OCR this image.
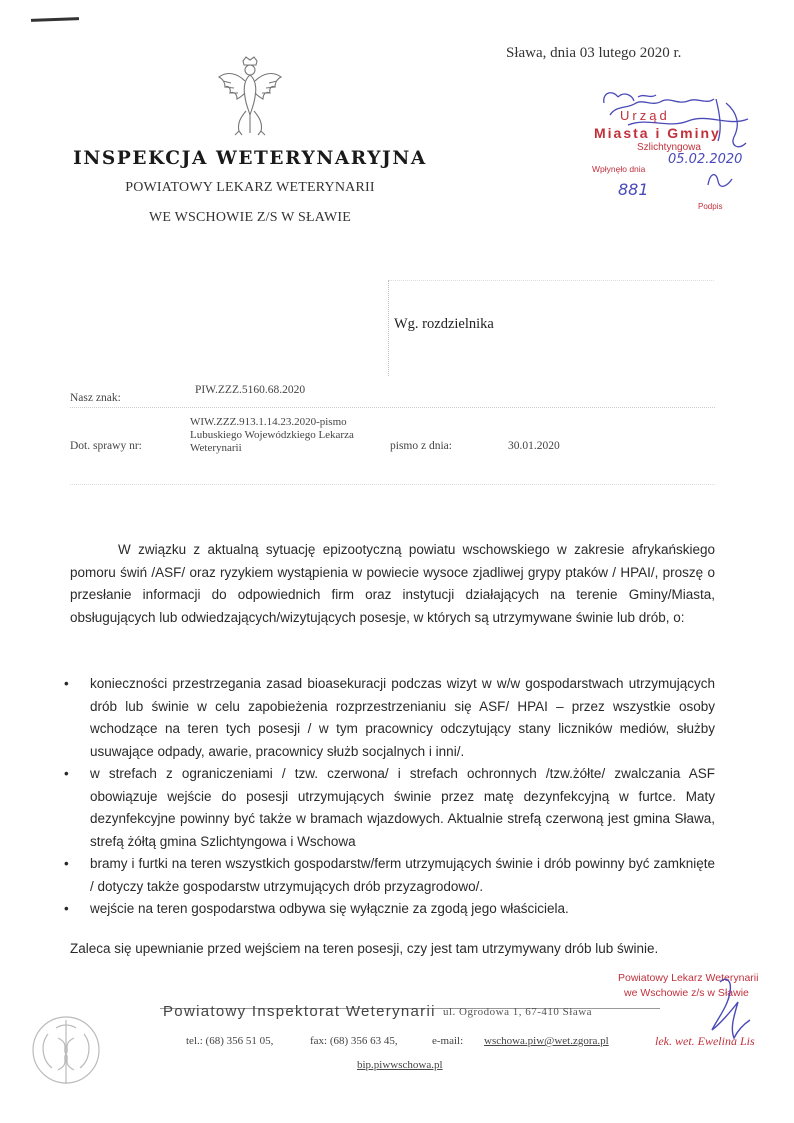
INSPEKCJA WETERYNARYJNA
POWIATOWY LEKARZ WETERYNARII
WE WSCHOWIE Z/S W SŁAWIE
Sława, dnia 03 lutego 2020 r.
Urząd
Miasta i Gminy
Szlichtyngowa
Wpłynęło dnia
Podpis
05.02.2020
881
Wg. rozdzielnika
Nasz znak:
PIW.ZZZ.5160.68.2020
Dot. sprawy nr:
WIW.ZZZ.913.1.14.23.2020-pismo Lubuskiego Wojewódzkiego Lekarza Weterynarii	pismo z dnia:	30.01.2020
W związku z aktualną sytuację epizootyczną powiatu wschowskiego w zakresie afrykańskiego pomoru świń /ASF/ oraz ryzykiem wystąpienia w powiecie wysoce zjadliwej grypy ptaków / HPAI/, proszę o przesłanie informacji do odpowiednich firm oraz instytucji działających na terenie Gminy/Miasta, obsługujących lub odwiedzających/wizytujących posesje, w których są utrzymywane świnie lub drób, o:
• konieczności przestrzegania zasad bioasekuracji podczas wizyt w w/w gospodarstwach utrzymujących drób lub świnie w celu zapobieżenia rozprzestrzenianiu się ASF/ HPAI – przez wszystkie osoby wchodzące na teren tych posesji / w tym pracownicy odczytujący stany liczników mediów, służby usuwające odpady, awarie, pracownicy służb socjalnych i inni/.
• w strefach z ograniczeniami / tzw. czerwona/ i strefach ochronnych /tzw.żółte/ zwalczania ASF obowiązuje wejście do posesji utrzymujących świnie przez matę dezynfekcyjną w furtce. Maty dezynfekcyjne powinny być także w bramach wjazdowych. Aktualnie strefą czerwoną jest gmina Sława, strefą żółtą gmina Szlichtyngowa i Wschowa
• bramy i furtki na teren wszystkich gospodarstw/ferm utrzymujących świnie i drób powinny być zamknięte / dotyczy także gospodarstw utrzymujących drób przyzagrodowo/.
• wejście na teren gospodarstwa odbywa się wyłącznie za zgodą jego właściciela.
Zaleca się upewnianie przed wejściem na teren posesji, czy jest tam utrzymywany drób lub świnie.
Powiatowy Lekarz Weterynarii
we Wschowie z/s w Sławie
lek. wet. Ewelina Lis
Powiatowy Inspektorat Weterynarii ul. Ogrodowa 1, 67-410 Sława
tel.: (68) 356 51 05,	fax: (68) 356 63 45,	e-mail: wschowa.piw@wet.zgora.pl
bip.piwwschowa.pl
